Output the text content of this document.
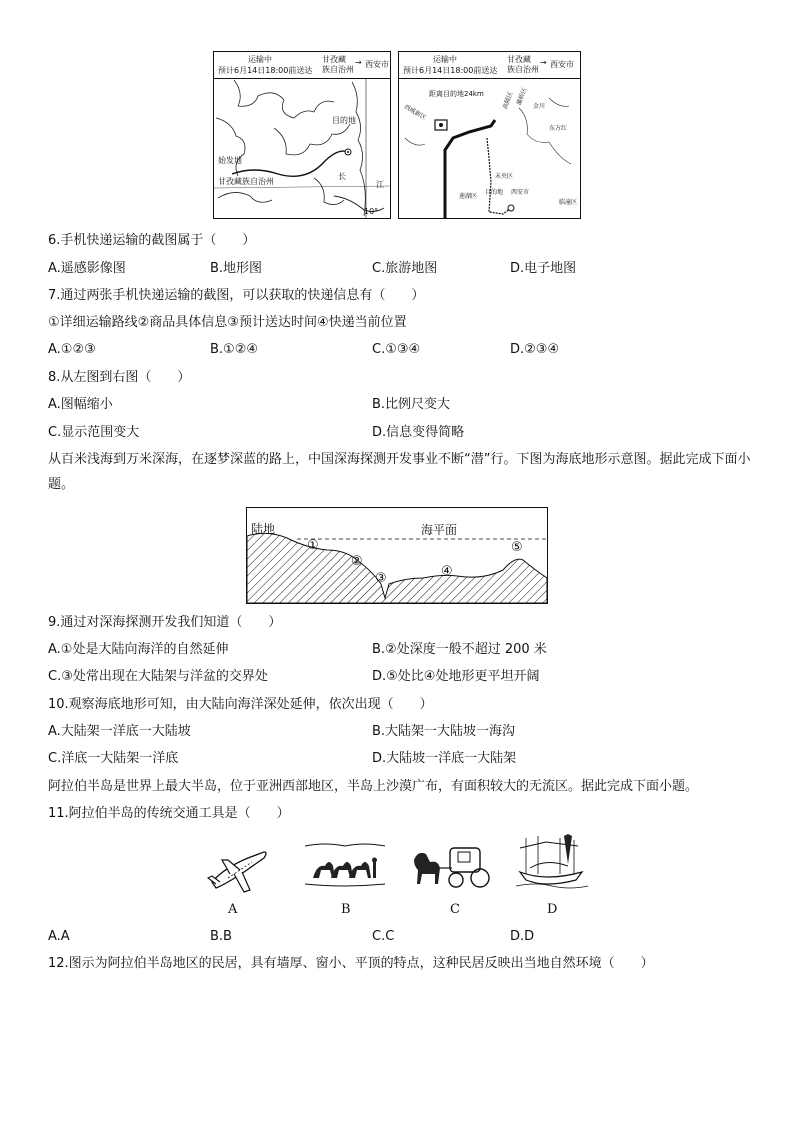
运输中
预计6月14日18:00前送达
甘孜藏
族自治州
→ 西安市
目的地
始发地
甘孜藏族自治州
长
江
10°
运输中
预计6月14日18:00前送达
甘孜藏
族自治州
→ 西安市
距离目的地24km
西咸新区
高陵区 灞桥区
金川
东方红
未央区
目的地 西安市
莲湖区
临潼区
6.手机快递运输的截图属于（　　）
A.遥感影像图	B.地形图	C.旅游地图	D.电子地图
7.通过两张手机快递运输的截图，可以获取的快递信息有（　　）
①详细运输路线②商品具体信息③预计送达时间④快递当前位置
A.①②③	B.①②④	C.①③④	D.②③④
8.从左图到右图（　　）
A.图幅缩小	B.比例尺变大
C.显示范围变大	D.信息变得简略
从百米浅海到万米深海，在逐梦深蓝的路上，中国深海探测开发事业不断“潜”行。下图为海底地形示意图。据此完成下面小题。
陆地	海平面
①
②
③	④
⑤
9.通过对深海探测开发我们知道（　　）
A.①处是大陆向海洋的自然延伸	B.②处深度一般不超过 200 米
C.③处常出现在大陆架与洋盆的交界处	D.⑤处比④处地形更平坦开阔
10.观察海底地形可知，由大陆向海洋深处延伸，依次出现（　　）
A.大陆架一洋底一大陆坡	B.大陆架一大陆坡一海沟
C.洋底一大陆架一洋底	D.大陆坡一洋底一大陆架
阿拉伯半岛是世界上最大半岛，位于亚洲西部地区，半岛上沙漠广布，有面积较大的无流区。据此完成下面小题。
11.阿拉伯半岛的传统交通工具是（　　）
A	B	C	D
A.A	B.B	C.C	D.D
12.图示为阿拉伯半岛地区的民居，具有墙厚、窗小、平顶的特点，这种民居反映出当地自然环境（　　）
